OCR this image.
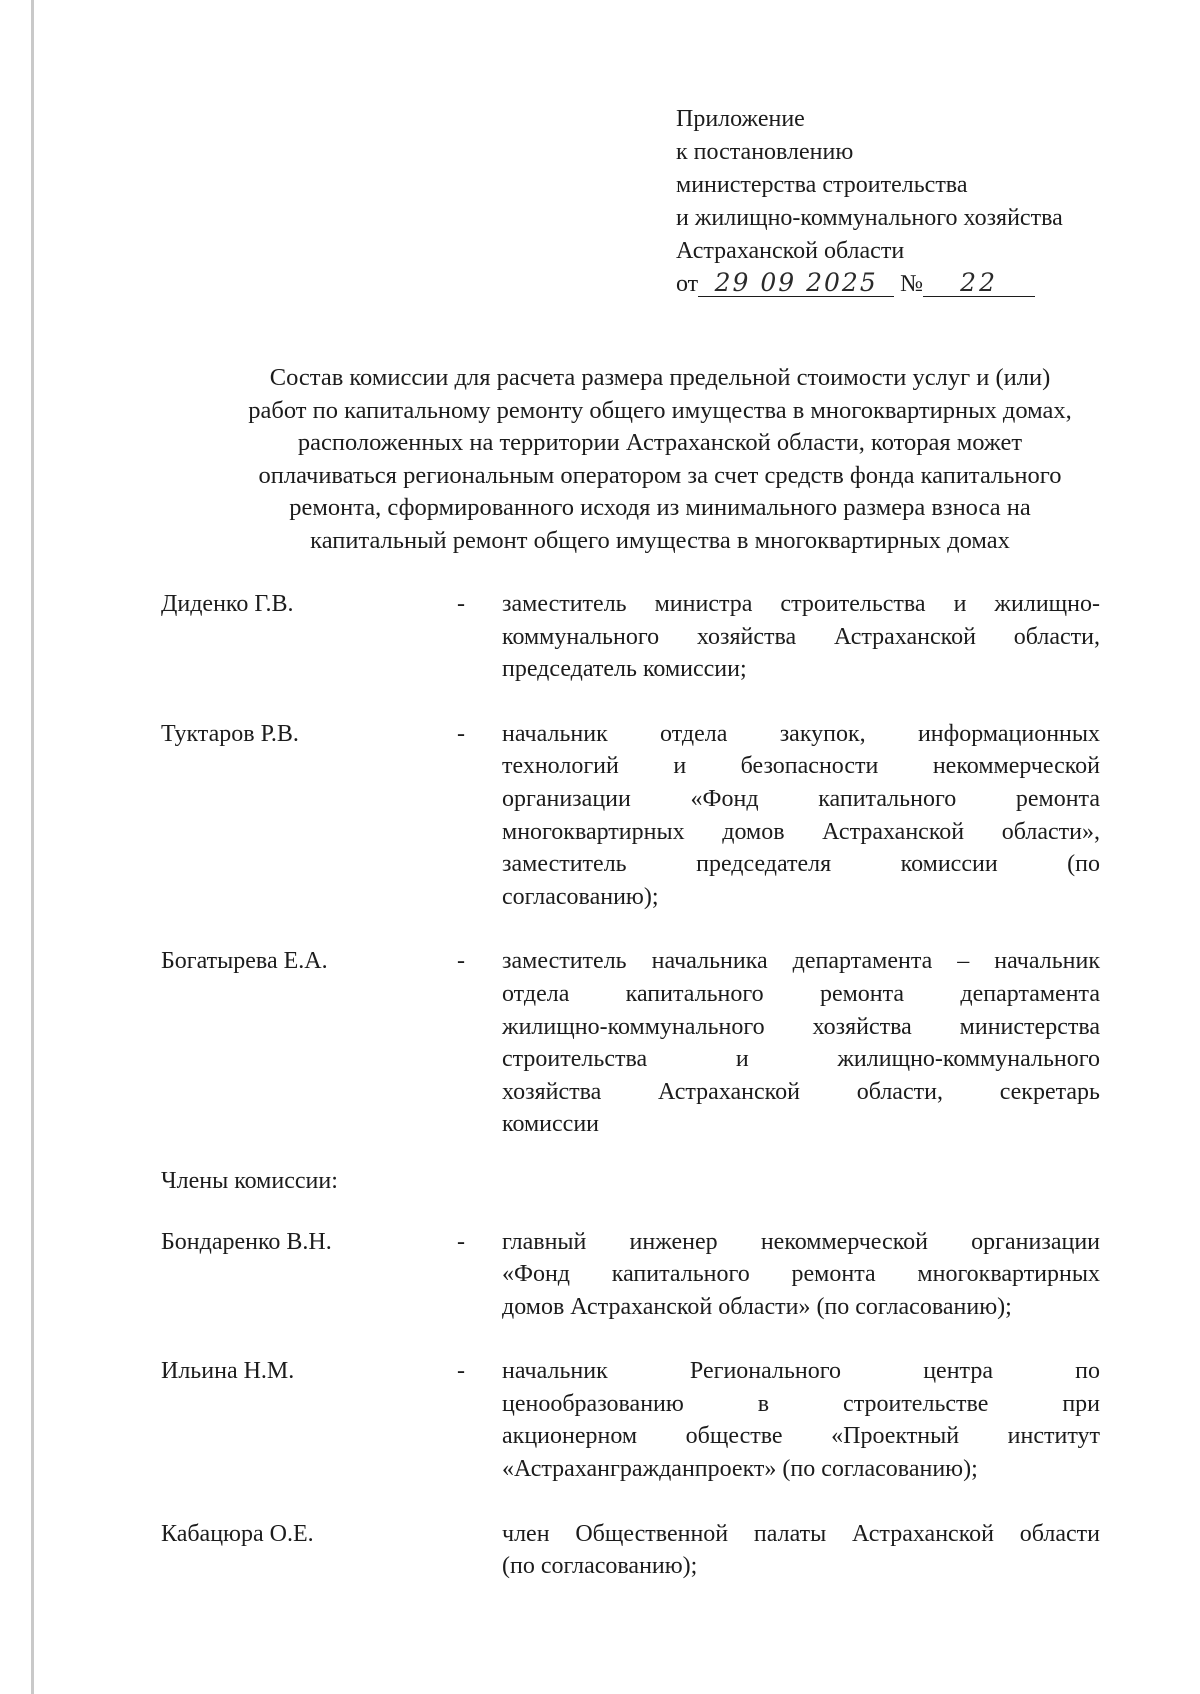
Приложение
к постановлению
министерства строительства
и жилищно-коммунального хозяйства
Астраханской области
от 29 09 2025 № 22
Состав комиссии для расчета размера предельной стоимости услуг и (или)
работ по капитальному ремонту общего имущества в многоквартирных домах,
расположенных на территории Астраханской области, которая может
оплачиваться региональным оператором за счет средств фонда капитального
ремонта, сформированного исходя из минимального размера взноса на
капитальный ремонт общего имущества в многоквартирных домах
Диденко Г.В.	- заместитель министра строительства и жилищно-
коммунального хозяйства Астраханской области,
председатель комиссии;
Туктаров Р.В.	- начальник отдела закупок, информационных
технологий и безопасности некоммерческой
организации «Фонд капитального ремонта
многоквартирных домов Астраханской области»,
заместитель председателя комиссии (по
согласованию);
Богатырева Е.А.	- заместитель начальника департамента – начальник
отдела капитального ремонта департамента
жилищно-коммунального хозяйства министерства
строительства и жилищно-коммунального
хозяйства Астраханской области, секретарь
комиссии
Члены комиссии:
Бондаренко В.Н.	- главный инженер некоммерческой организации
«Фонд капитального ремонта многоквартирных
домов Астраханской области» (по согласованию);
Ильина Н.М.	- начальник Регионального центра по
ценообразованию в строительстве при
акционерном обществе «Проектный институт
«Астрахангражданпроект» (по согласованию);
Кабацюра О.Е.	член Общественной палаты Астраханской области
(по согласованию);
